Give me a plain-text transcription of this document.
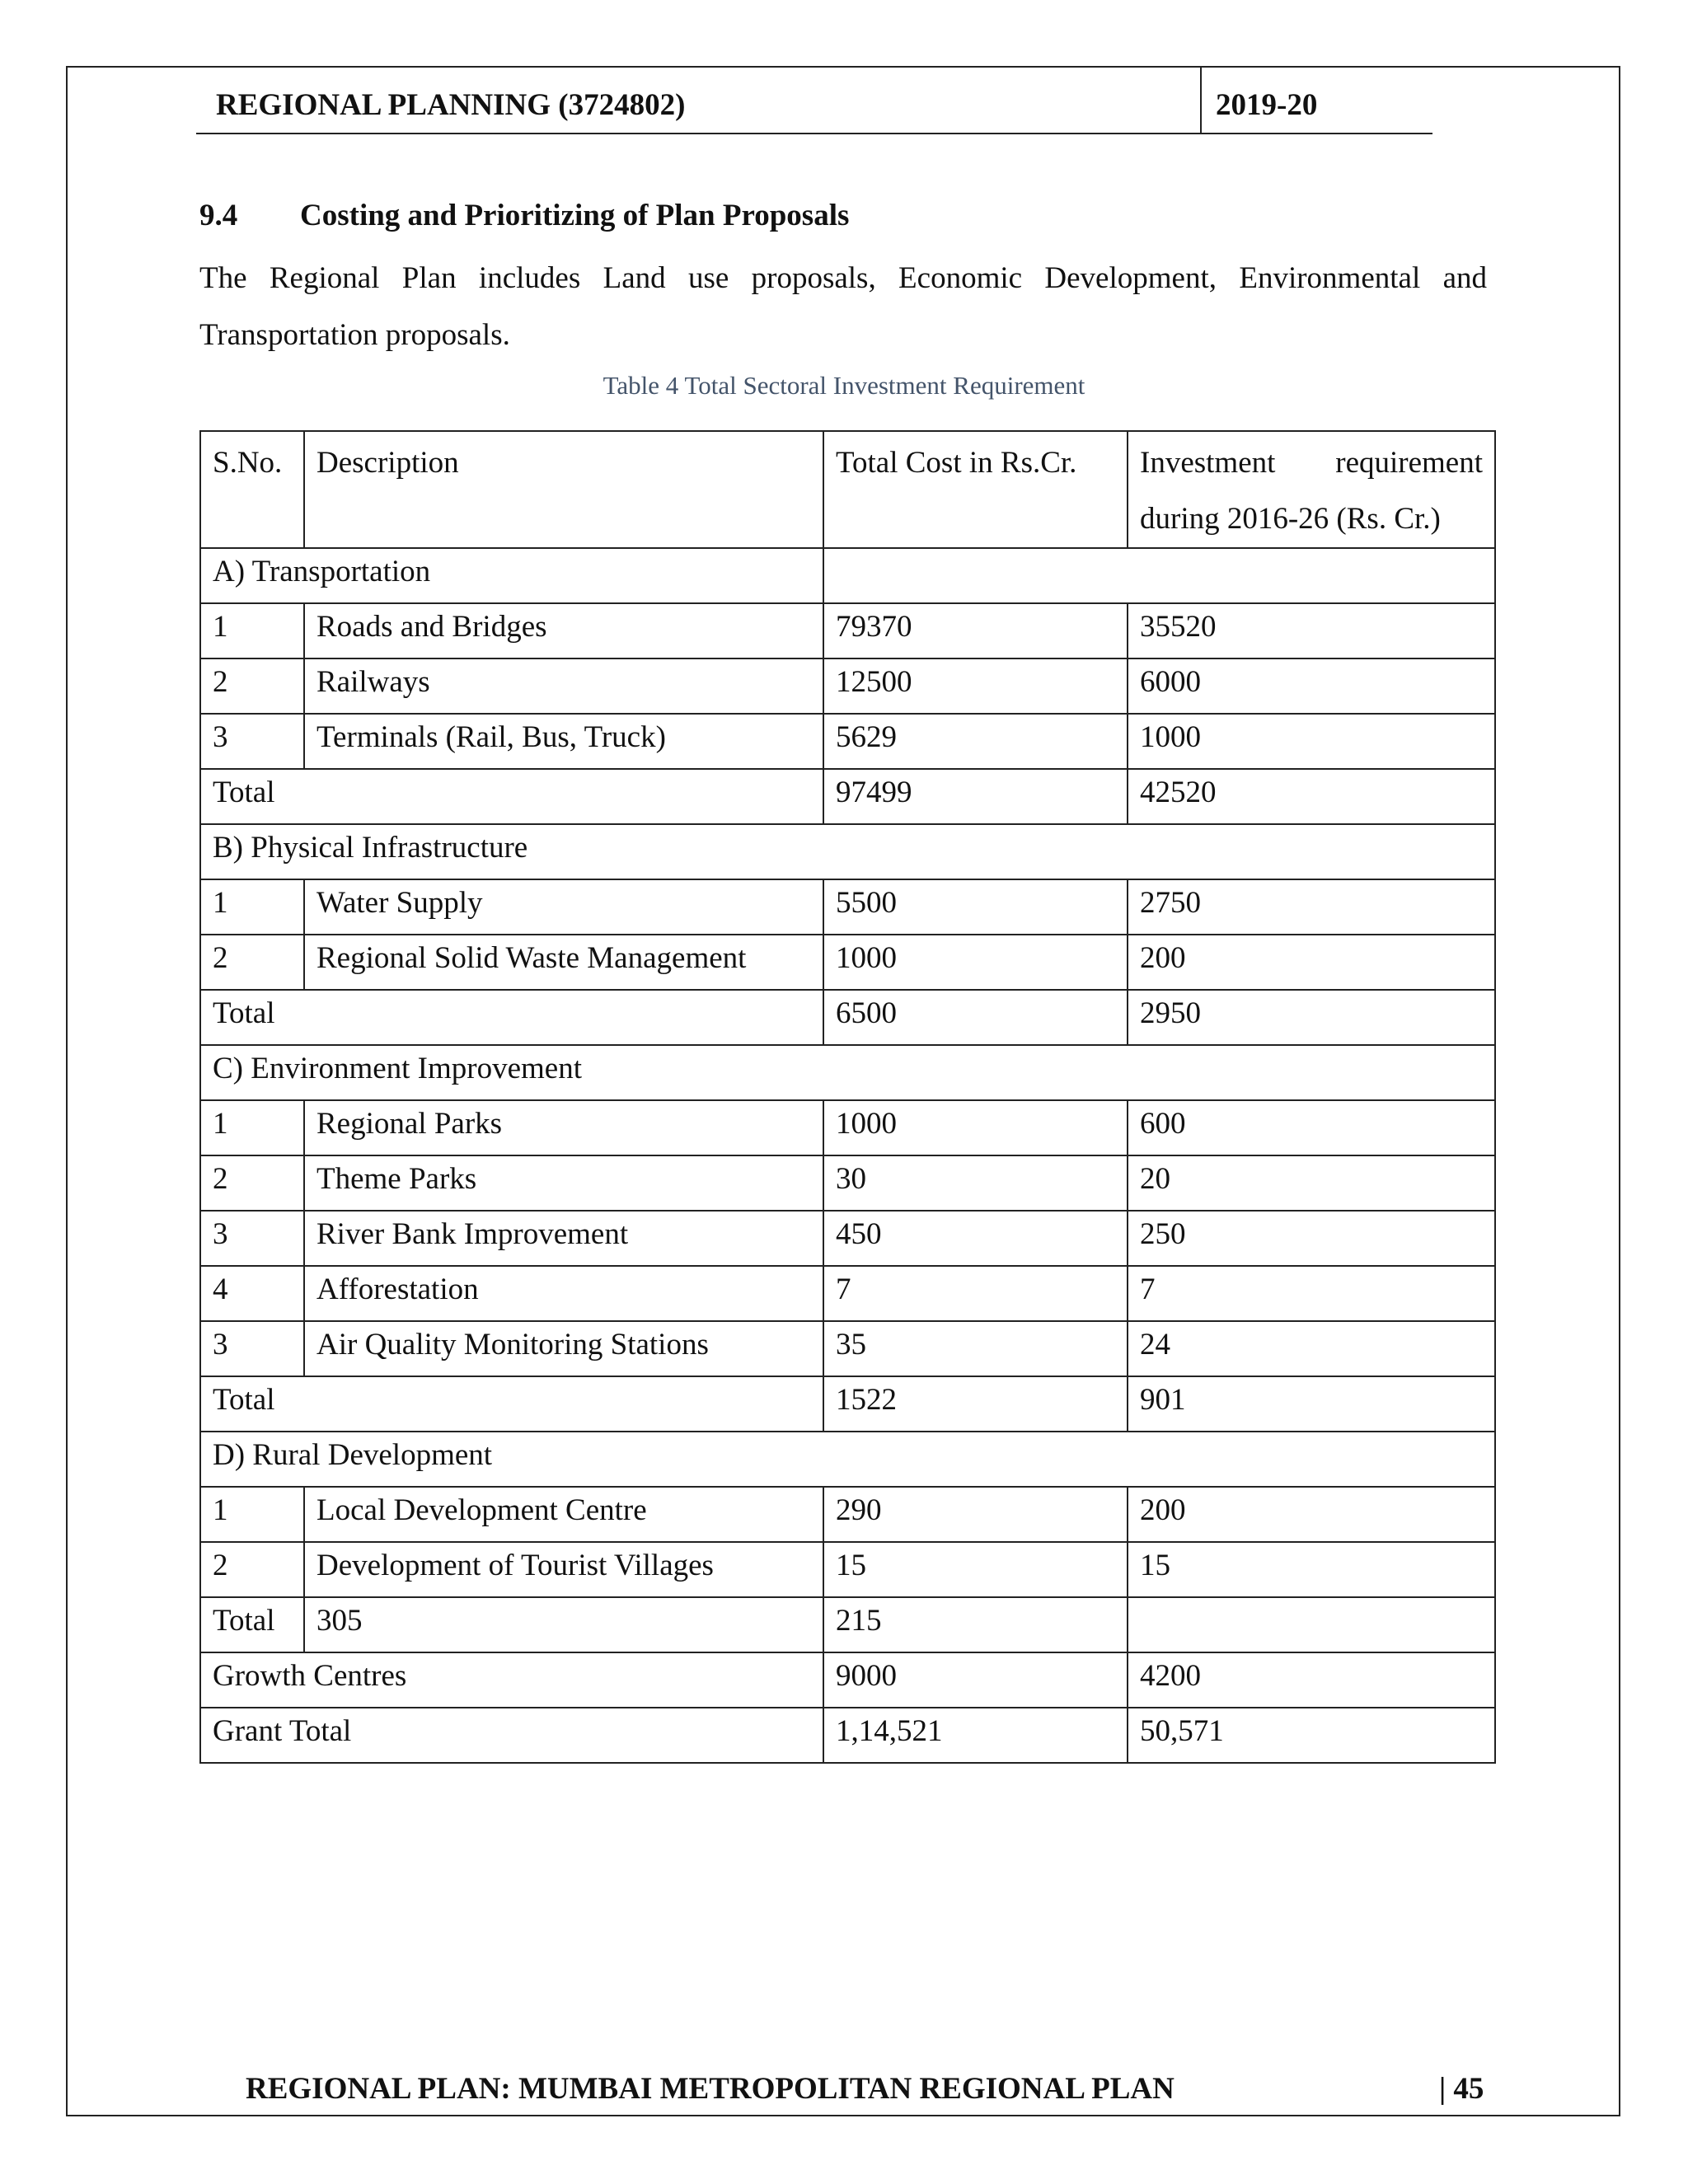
REGIONAL PLANNING (3724802)	2019-20
9.4 Costing and Prioritizing of Plan Proposals
The Regional Plan includes Land use proposals, Economic Development, Environmental and Transportation proposals.
Table 4 Total Sectoral Investment Requirement
S.No.	Description	Total Cost in Rs.Cr.	Investment requirement
during 2016-26 (Rs. Cr.)

A) Transportation			
1	Roads and Bridges	79370	35520
2	Railways	12500	6000
3	Terminals (Rail, Bus, Truck)	5629	1000
Total		97499	42520
B) Physical Infrastructure			
1	Water Supply	5500	2750
2	Regional Solid Waste Management	1000	200
Total		6500	2950
C) Environment Improvement			
1	Regional Parks	1000	600
2	Theme Parks	30	20
3	River Bank Improvement	450	250
4	Afforestation	7	7
3	Air Quality Monitoring Stations	35	24
Total		1522	901
D) Rural Development			
1	Local Development Centre	290	200
2	Development of Tourist Villages	15	15
Total	305	215	
Growth Centres		9000	4200
Grant Total		1,14,521	50,571
REGIONAL PLAN: MUMBAI METROPOLITAN REGIONAL PLAN	| 45
